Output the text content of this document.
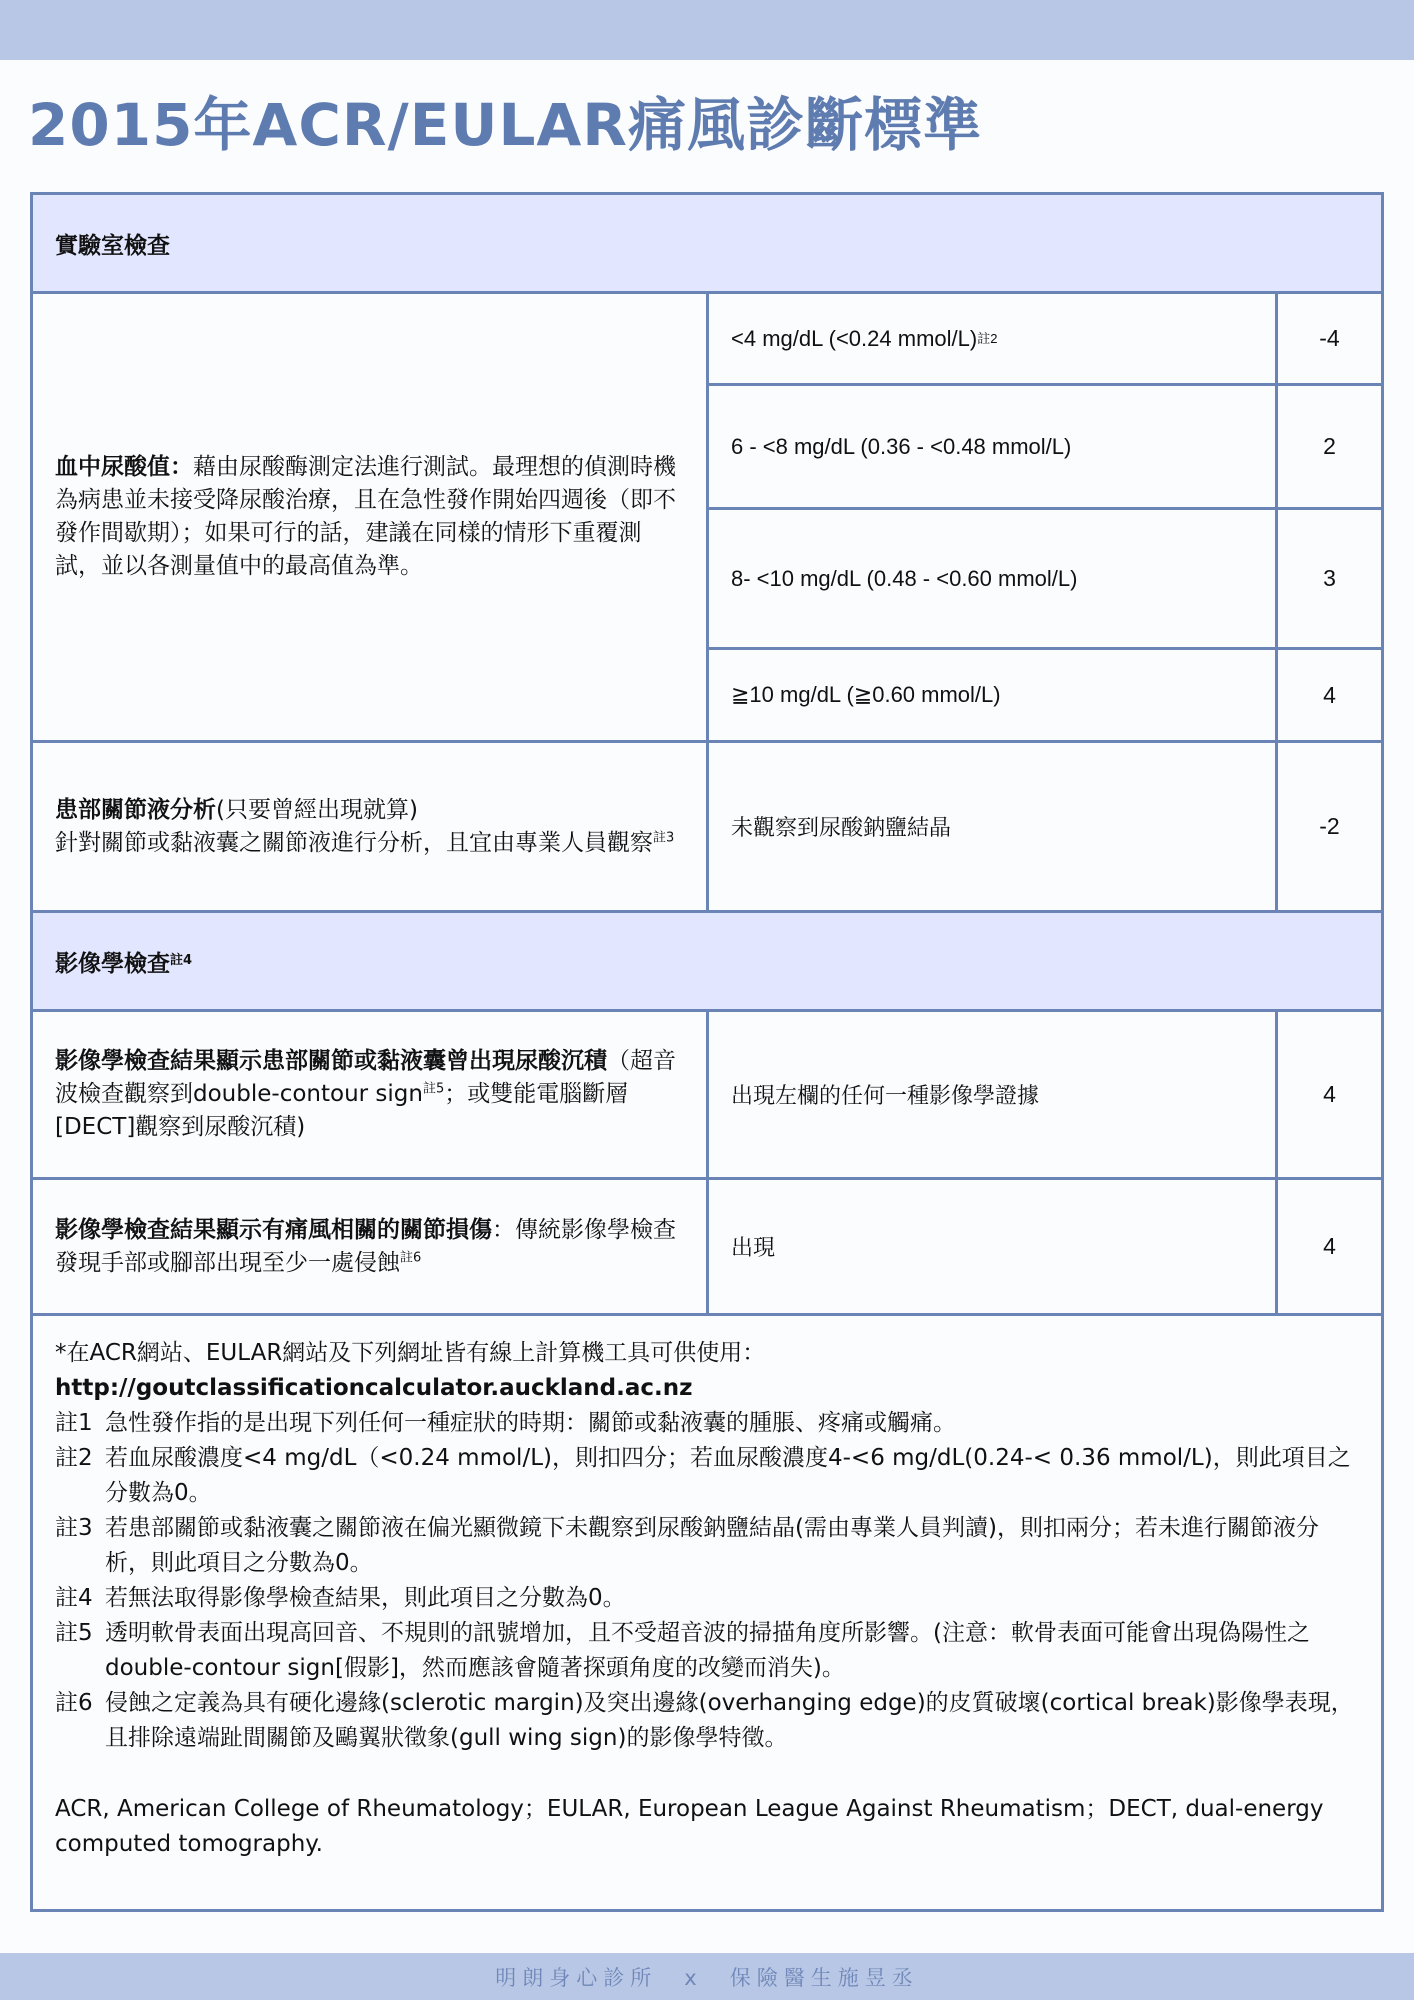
2015年ACR/EULAR痛風診斷標準
實驗室檢查
血中尿酸值：藉由尿酸酶測定法進行測試。最理想的偵測時機為病患並未接受降尿酸治療，且在急性發作開始四週後（即不發作間歇期）；如果可行的話，建議在同樣的情形下重覆測試，並以各測量值中的最高值為準。
<4 mg/dL (<0.24 mmol/L) 註2	-4
6 - <8 mg/dL (0.36 - <0.48 mmol/L)	2
8- <10 mg/dL (0.48 - <0.60 mmol/L)	3
≧10 mg/dL (≧0.60 mmol/L)	4
患部關節液分析(只要曾經出現就算)
針對關節或黏液囊之關節液進行分析，且宜由專業人員觀察$^{註3}$	未觀察到尿酸鈉鹽結晶	-2
影像學檢查 註4
影像學檢查結果顯示患部關節或黏液囊曾出現尿酸沉積（超音波檢查觀察到double-contour sign$^{註5}$；或雙能電腦斷層[DECT]觀察到尿酸沉積)
出現左欄的任何一種影像學證據	4
影像學檢查結果顯示有痛風相關的關節損傷：傳統影像學檢查發現手部或腳部出現至少一處侵蝕$^{註6}$	出現	4
*在ACR網站、EULAR網站及下列網址皆有線上計算機工具可供使用：
http://goutclassificationcalculator.auckland.ac.nz
註1 急性發作指的是出現下列任何一種症狀的時期：關節或黏液囊的腫脹、疼痛或觸痛。
註2 若血尿酸濃度<4 mg/dL（<0.24 mmol/L)，則扣四分；若血尿酸濃度4-<6 mg/dL(0.24-< 0.36 mmol/L)，則此項目之分數為0。
註3 若患部關節或黏液囊之關節液在偏光顯微鏡下未觀察到尿酸鈉鹽結晶(需由專業人員判讀)，則扣兩分；若未進行關節液分析，則此項目之分數為0。
註4 若無法取得影像學檢查結果，則此項目之分數為0。
註5 透明軟骨表面出現高回音、不規則的訊號增加，且不受超音波的掃描角度所影響。(注意：軟骨表面可能會出現偽陽性之double-contour sign[假影]，然而應該會隨著探頭角度的改變而消失)。
註6 侵蝕之定義為具有硬化邊緣(sclerotic margin)及突出邊緣(overhanging edge)的皮質破壞(cortical break)影像學表現，且排除遠端趾間關節及鷗翼狀徵象(gull wing sign)的影像學特徵。
ACR, American College of Rheumatology；EULAR, European League Against Rheumatism；DECT, dual-energy computed tomography.
明朗身心診所　x　保險醫生施昱丞
